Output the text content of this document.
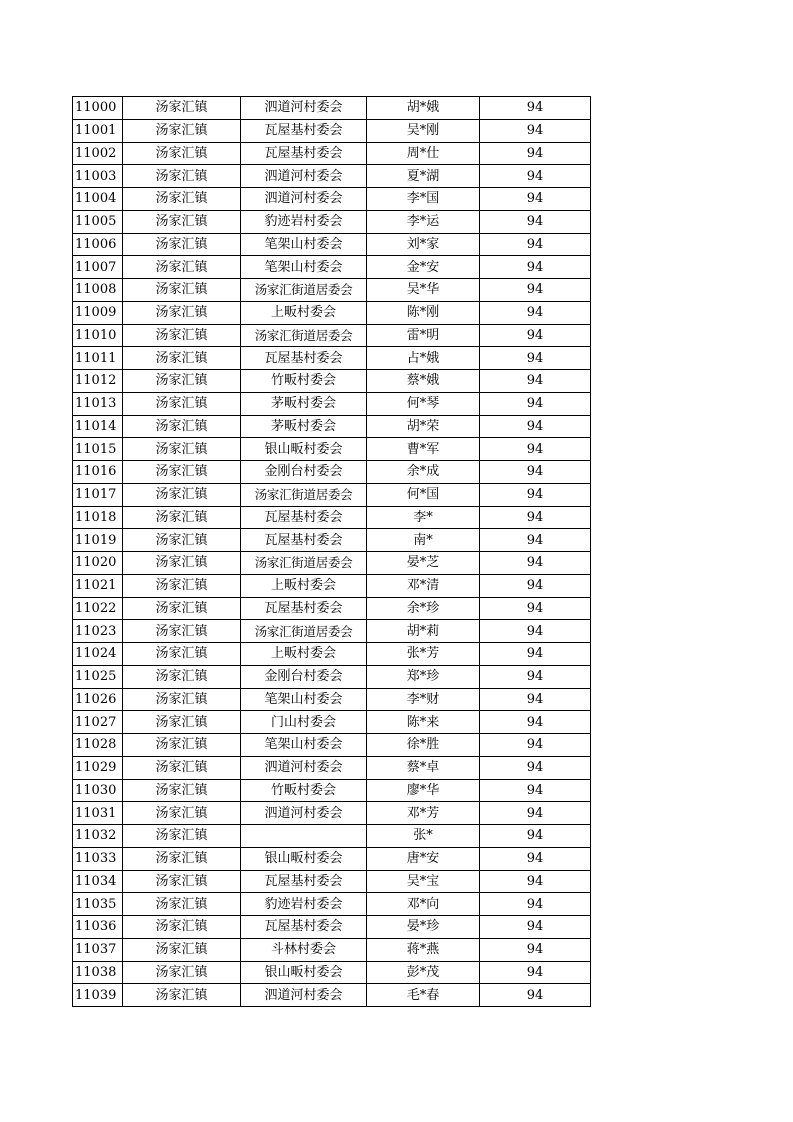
11000	汤家汇镇	泗道河村委会	胡*娥	94
11001	汤家汇镇	瓦屋基村委会	吴*刚	94
11002	汤家汇镇	瓦屋基村委会	周*仕	94
11003	汤家汇镇	泗道河村委会	夏*湖	94
11004	汤家汇镇	泗道河村委会	李*国	94
11005	汤家汇镇	豹迹岩村委会	李*运	94
11006	汤家汇镇	笔架山村委会	刘*家	94
11007	汤家汇镇	笔架山村委会	金*安	94
11008	汤家汇镇	汤家汇街道居委会	吴*华	94
11009	汤家汇镇	上畈村委会	陈*刚	94
11010	汤家汇镇	汤家汇街道居委会	雷*明	94
11011	汤家汇镇	瓦屋基村委会	占*娥	94
11012	汤家汇镇	竹畈村委会	蔡*娥	94
11013	汤家汇镇	茅畈村委会	何*琴	94
11014	汤家汇镇	茅畈村委会	胡*荣	94
11015	汤家汇镇	银山畈村委会	曹*军	94
11016	汤家汇镇	金刚台村委会	余*成	94
11017	汤家汇镇	汤家汇街道居委会	何*国	94
11018	汤家汇镇	瓦屋基村委会	李*	94
11019	汤家汇镇	瓦屋基村委会	南*	94
11020	汤家汇镇	汤家汇街道居委会	晏*芝	94
11021	汤家汇镇	上畈村委会	邓*清	94
11022	汤家汇镇	瓦屋基村委会	余*珍	94
11023	汤家汇镇	汤家汇街道居委会	胡*莉	94
11024	汤家汇镇	上畈村委会	张*芳	94
11025	汤家汇镇	金刚台村委会	郑*珍	94
11026	汤家汇镇	笔架山村委会	李*财	94
11027	汤家汇镇	门山村委会	陈*来	94
11028	汤家汇镇	笔架山村委会	徐*胜	94
11029	汤家汇镇	泗道河村委会	蔡*卓	94
11030	汤家汇镇	竹畈村委会	廖*华	94
11031	汤家汇镇	泗道河村委会	邓*芳	94
11032	汤家汇镇		张*	94
11033	汤家汇镇	银山畈村委会	唐*安	94
11034	汤家汇镇	瓦屋基村委会	吴*宝	94
11035	汤家汇镇	豹迹岩村委会	邓*向	94
11036	汤家汇镇	瓦屋基村委会	晏*珍	94
11037	汤家汇镇	斗林村委会	蒋*燕	94
11038	汤家汇镇	银山畈村委会	彭*茂	94
11039	汤家汇镇	泗道河村委会	毛*春	94
